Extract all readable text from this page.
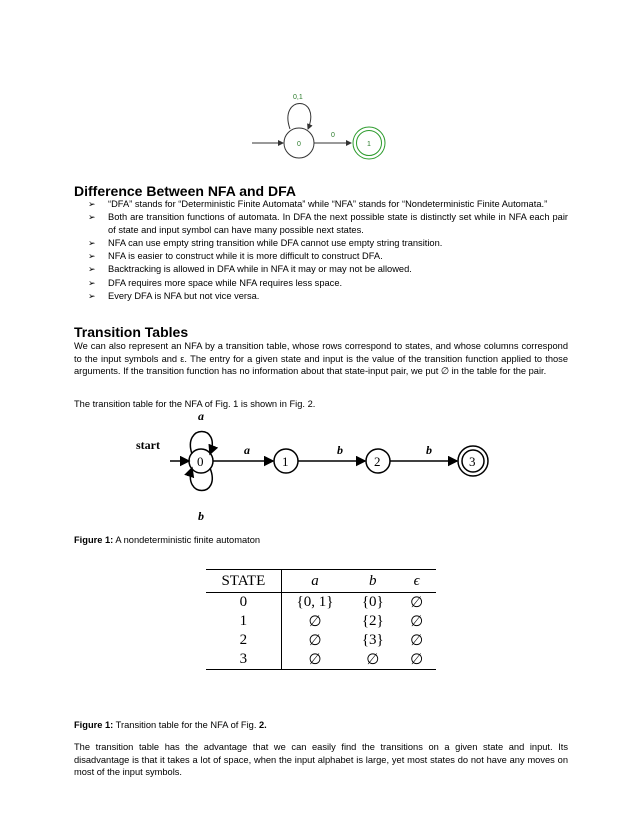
0,1
0
0
1
Difference Between NFA and DFA
➢ “DFA” stands for “Deterministic Finite Automata” while “NFA” stands for “Nondeterministic Finite Automata.”
➢ Both are transition functions of automata. In DFA the next possible state is distinctly set while in NFA each pair of state and input symbol can have many possible next states.
➢ NFA can use empty string transition while DFA cannot use empty string transition.
➢ NFA is easier to construct while it is more difficult to construct DFA.
➢ Backtracking is allowed in DFA while in NFA it may or may not be allowed.
➢ DFA requires more space while NFA requires less space.
➢ Every DFA is NFA but not vice versa.
Transition Tables

We can also represent an NFA by a transition table, whose rows correspond to states, and whose columns correspond to the input symbols and ε. The entry for a given state and input is the value of the transition function applied to those arguments. If the transition function has no information about that state-input pair, we put ∅ in the table for the pair.

The transition table for the NFA of Fig. 1 is shown in Fig. 2.

start
a
b
0
a
1
b
2
b
3

Figure 1: A nondeterministic finite automaton

STATE	a	b	ϵ
0	{0, 1}	{0}	∅
1	∅	{2}	∅
2	∅	{3}	∅
3	∅	∅	∅

Figure 1: Transition table for the NFA of Fig. 2.

The transition table has the advantage that we can easily find the transitions on a given state and input. Its disadvantage is that it takes a lot of space, when the input alphabet is large, yet most states do not have any moves on most of the input symbols.
